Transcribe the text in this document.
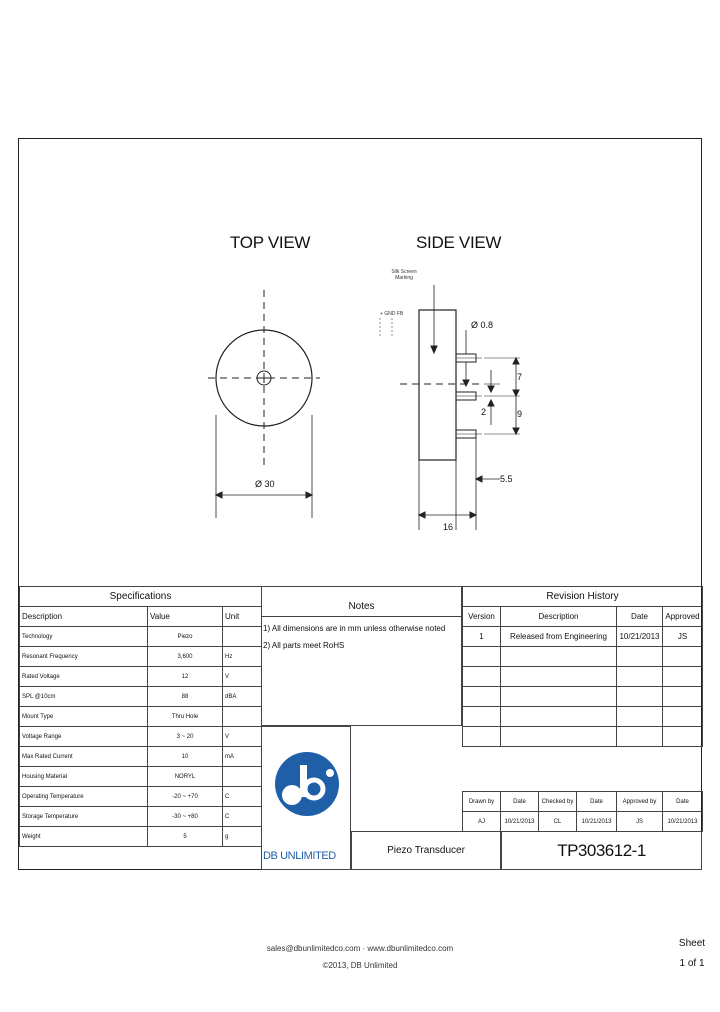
TOP VIEW	SIDE VIEW
Ø 30
Silk Screen
Marking
+ GND FB
Ø 0.8
7
2	9
5.5
16
Specifications		
Description	Value	Unit
Technology	Piezo	
Resonant Frequency	3,600	Hz
Rated Voltage	12	V
SPL @10cm	88	dBA
Mount Type	Thru Hole	
Voltage Range	3 ~ 20	V
Max Rated Current	10	mA
Housing Material	NORYL	
Operating Temperature	-20 ~ +70	C
Storage Temperature	-30 ~ +80	C
Weight	5	g
Notes
1) All dimensions are in mm unless otherwise noted
2) All parts meet RoHS
DB UNLIMITED
Revision History			
Version	Description	Date	Approved
1	Released from Engineering	10/21/2013	JS

Drawn by	Date	Checked by	Date	Approved by	Date
AJ	10/21/2013	CL	10/21/2013	JS	10/21/2013
Piezo Transducer	TP303612-1
sales@dbunlimitedco.com · www.dbunlimitedco.com
©2013, DB Unlimited
Sheet
1 of 1
